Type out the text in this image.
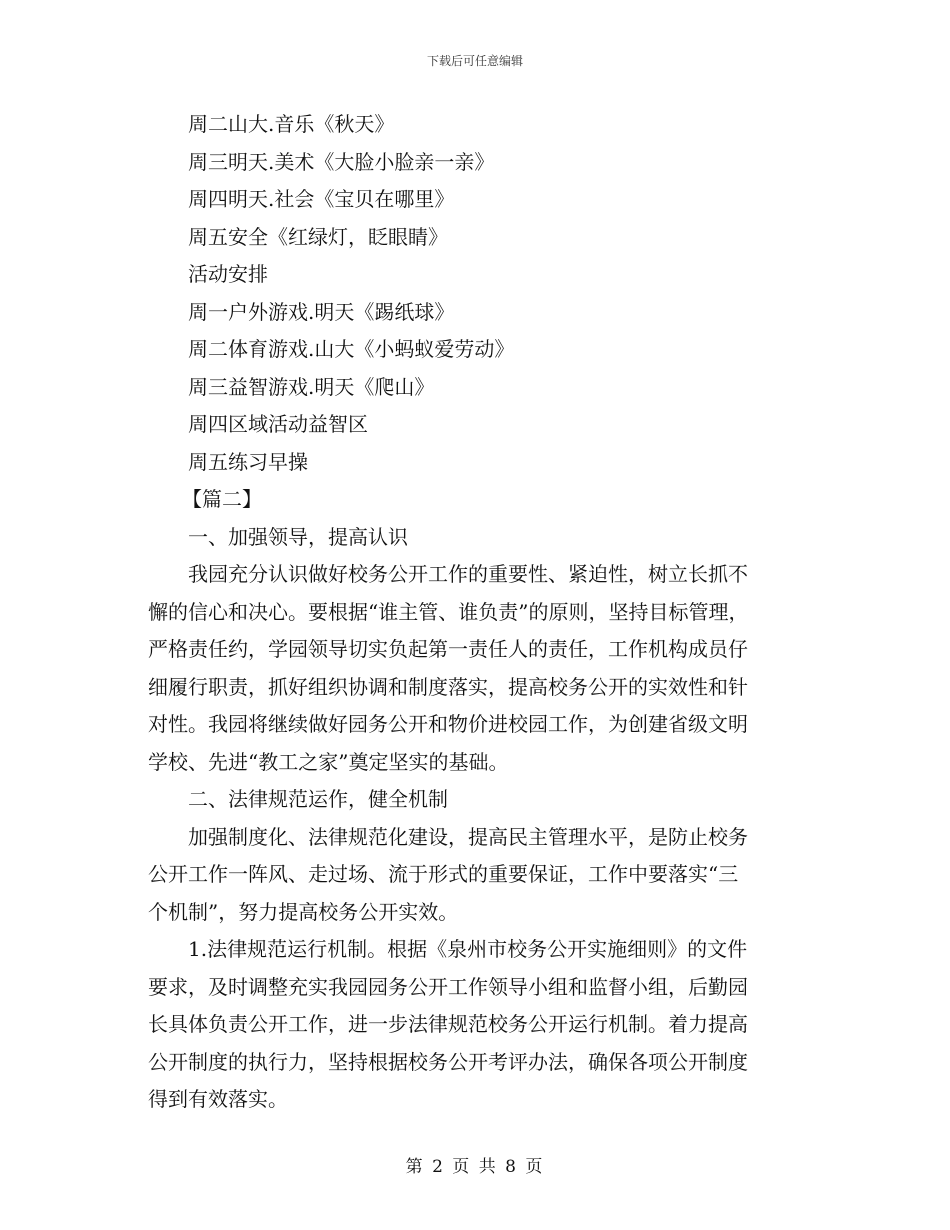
下载后可任意编辑
周二山大.音乐《秋天》
周三明天.美术《大脸小脸亲一亲》
周四明天.社会《宝贝在哪里》
周五安全《红绿灯，眨眼睛》
活动安排
周一户外游戏.明天《踢纸球》
周二体育游戏.山大《小蚂蚁爱劳动》
周三益智游戏.明天《爬山》
周四区域活动益智区
周五练习早操
【篇二】
一、加强领导，提高认识
我园充分认识做好校务公开工作的重要性、紧迫性，树立长抓不
懈的信心和决心。要根据“谁主管、谁负责”的原则，坚持目标管理，
严格责任约，学园领导切实负起第一责任人的责任，工作机构成员仔
细履行职责，抓好组织协调和制度落实，提高校务公开的实效性和针
对性。我园将继续做好园务公开和物价进校园工作，为创建省级文明
学校、先进“教工之家”奠定坚实的基础。
二、法律规范运作，健全机制
加强制度化、法律规范化建设，提高民主管理水平，是防止校务
公开工作一阵风、走过场、流于形式的重要保证，工作中要落实“三
个机制”，努力提高校务公开实效。
1.法律规范运行机制。根据《泉州市校务公开实施细则》的文件
要求，及时调整充实我园园务公开工作领导小组和监督小组，后勤园
长具体负责公开工作，进一步法律规范校务公开运行机制。着力提高
公开制度的执行力，坚持根据校务公开考评办法，确保各项公开制度
得到有效落实。
第 2 页 共 8 页
